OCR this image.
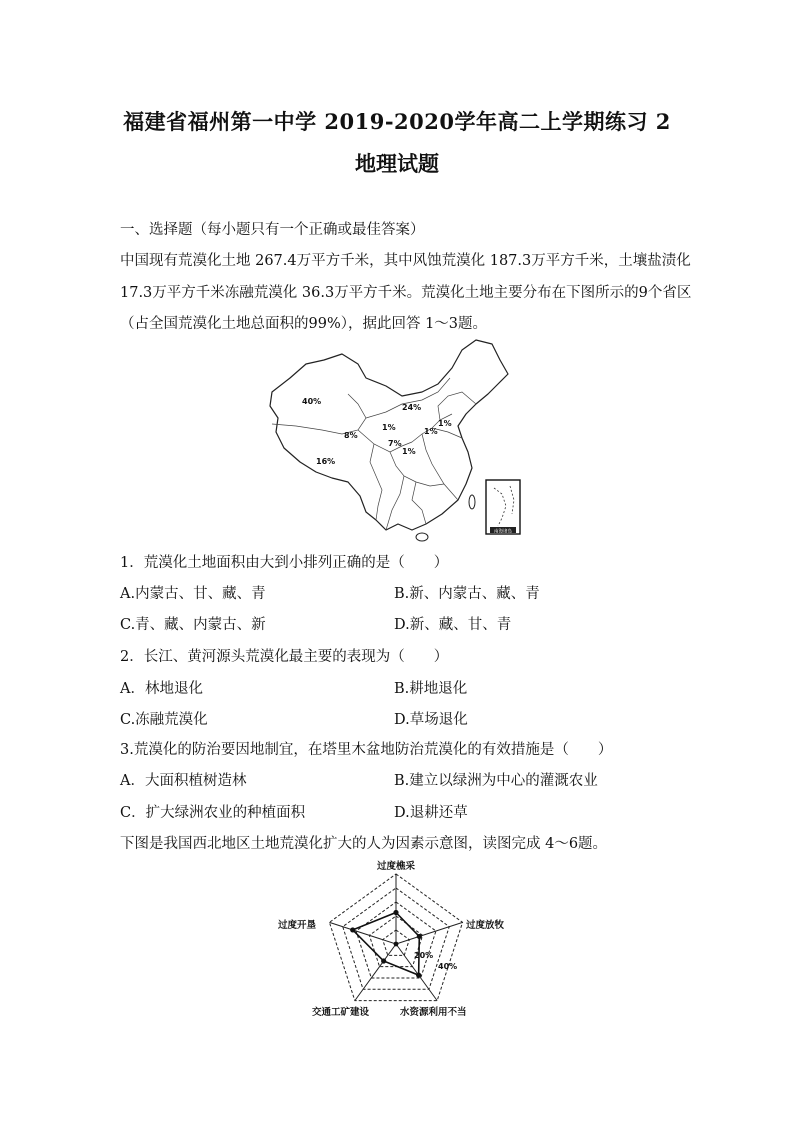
福建省福州第一中学 2019-2020学年高二上学期练习 2
地理试题
一、选择题（每小题只有一个正确或最佳答案）
中国现有荒漠化土地 267.4万平方千米，其中风蚀荒漠化 187.3万平方千米，土壤盐渍化
17.3万平方千米冻融荒漠化 36.3万平方千米。荒漠化土地主要分布在下图所示的9个省区
（占全国荒漠化土地总面积的99%），据此回答 1～3题。
南海诸岛
40%
24%
1%
1%
8%
7%
1%
1%
16%
1．荒漠化土地面积由大到小排列正确的是（　　）
A.内蒙古、甘、藏、青	B.新、内蒙古、藏、青
C.青、藏、内蒙古、新	D.新、藏、甘、青
2．长江、黄河源头荒漠化最主要的表现为（　　）
A．林地退化	B.耕地退化
C.冻融荒漠化	D.草场退化
3.荒漠化的防治要因地制宜，在塔里木盆地防治荒漠化的有效措施是（　　）
A．大面积植树造林	B.建立以绿洲为中心的灌溉农业
C．扩大绿洲农业的种植面积	D.退耕还草
下图是我国西北地区土地荒漠化扩大的人为因素示意图，读图完成 4～6题。
过度樵采
过度放牧
水资源利用不当
交通工矿建设
过度开垦
20%
40%
